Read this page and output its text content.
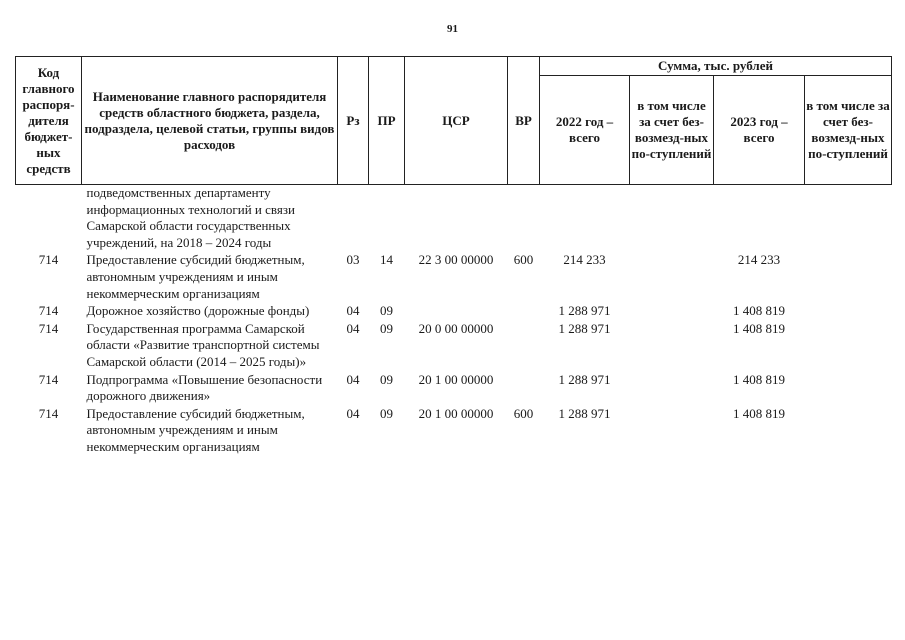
91
Код главного распоря-дителя бюджет-ных средств	Наименование главного распорядителя средств областного бюджета, раздела, подраздела, целевой статьи, группы видов расходов	Рз	ПР	ЦСР	ВР	Сумма, тыс. рублей			
						2022 год – всего	в том числе за счет без-возмезд-ных по-ступлений	2023 год – всего	в том числе за счет без-возмезд-ных по-ступлений
	подведомственных департаменту информационных технологий и связи Самарской области государственных учреждений, на 2018 – 2024 годы								
714	Предоставление субсидий бюджетным, автономным учреждениям и иным некоммерческим организациям	03	14	22 3 00 00000	600	214 233		214 233	
714	Дорожное хозяйство (дорожные фонды)	04	09			1 288 971		1 408 819	
714	Государственная программа Самарской области «Развитие транспортной системы Самарской области (2014 – 2025 годы)»	04	09	20 0 00 00000		1 288 971		1 408 819	
714	Подпрограмма «Повышение безопасности дорожного движения»	04	09	20 1 00 00000		1 288 971		1 408 819	
714	Предоставление субсидий бюджетным, автономным учреждениям и иным некоммерческим организациям	04	09	20 1 00 00000	600	1 288 971		1 408 819	
